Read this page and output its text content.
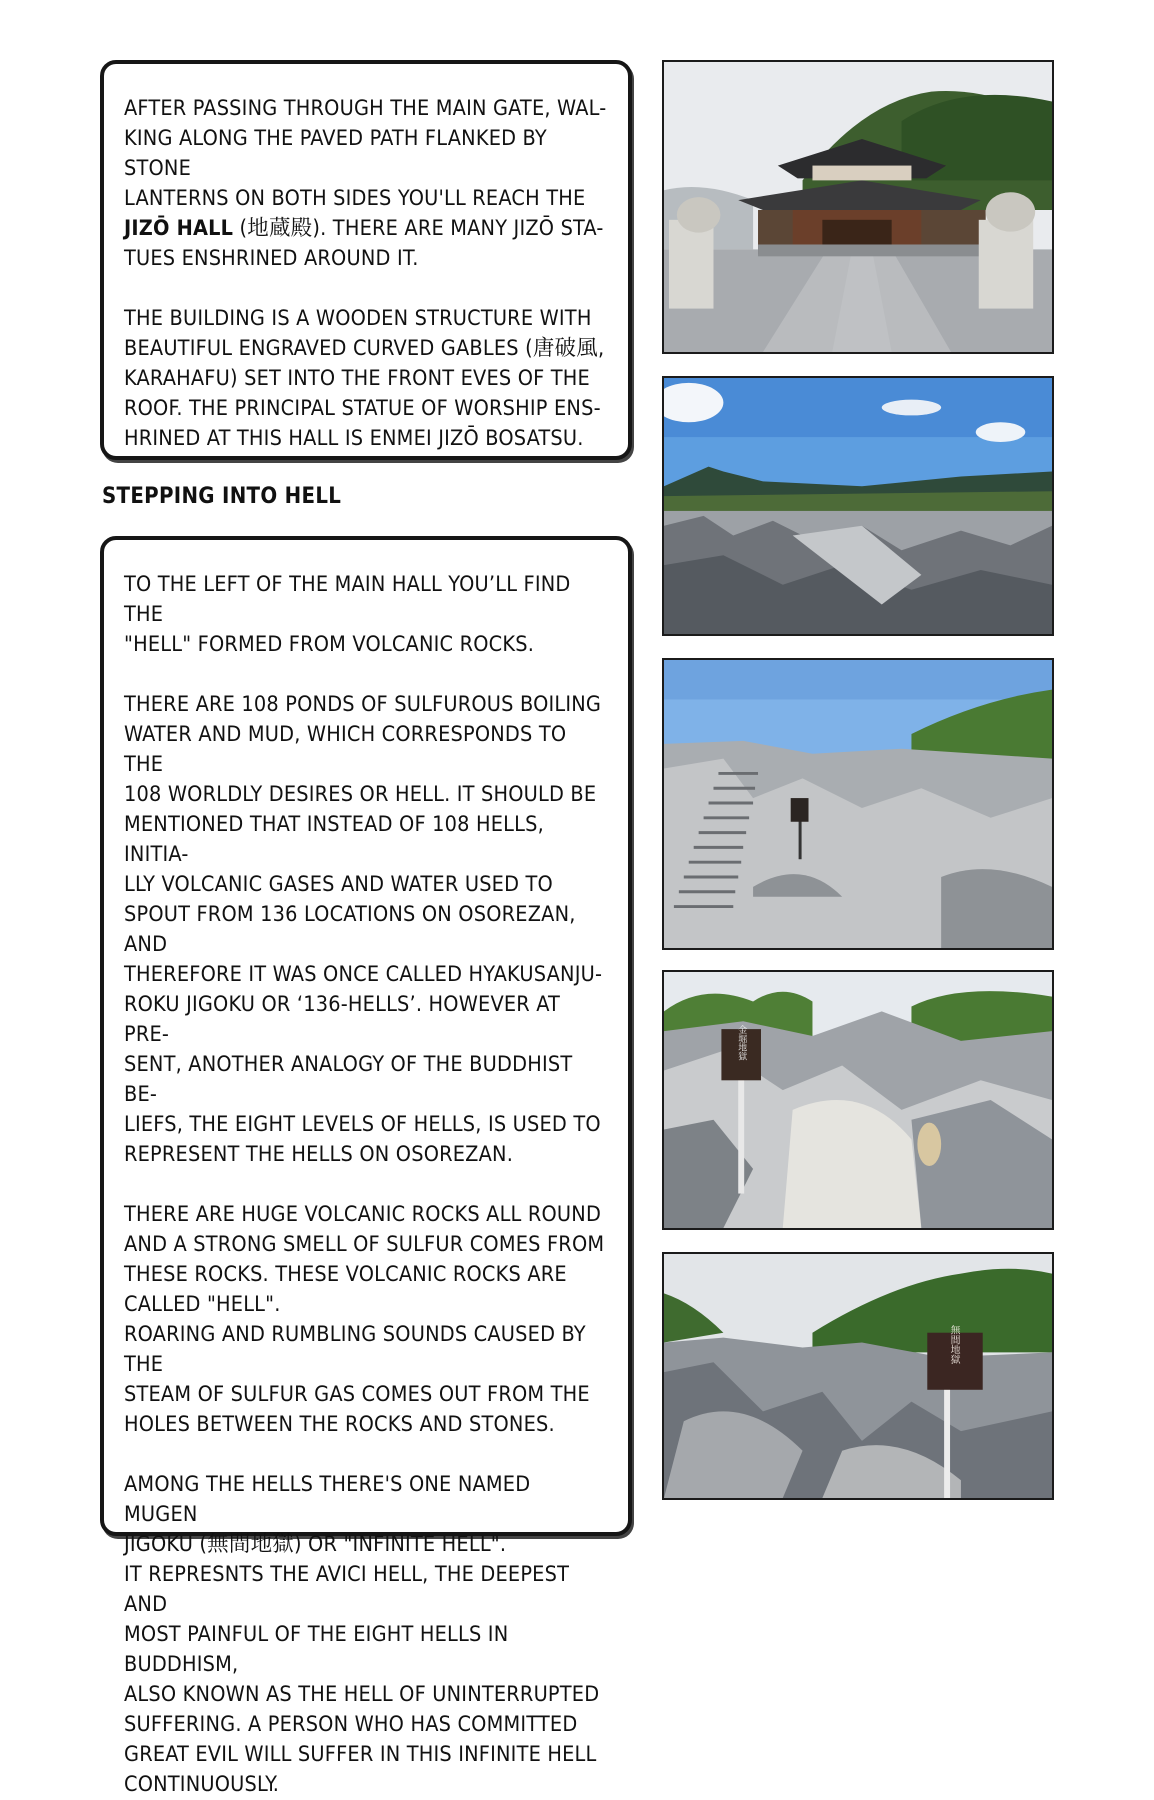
AFTER PASSING THROUGH THE MAIN GATE, WAL-
KING ALONG THE PAVED PATH FLANKED BY STONE
LANTERNS ON BOTH SIDES YOU'LL REACH THE
JIZŌ HALL (地蔵殿). THERE ARE MANY JIZŌ STA-
TUES ENSHRINED AROUND IT.

THE BUILDING IS A WOODEN STRUCTURE WITH
BEAUTIFUL ENGRAVED CURVED GABLES (唐破風,
KARAHAFU) SET INTO THE FRONT EVES OF THE
ROOF. THE PRINCIPAL STATUE OF WORSHIP ENS-
HRINED AT THIS HALL IS ENMEI JIZŌ BOSATSU.

STEPPING INTO HELL

TO THE LEFT OF THE MAIN HALL YOU’LL FIND THE
"HELL" FORMED FROM VOLCANIC ROCKS.

THERE ARE 108 PONDS OF SULFUROUS BOILING
WATER AND MUD, WHICH CORRESPONDS TO THE
108 WORLDLY DESIRES OR HELL. IT SHOULD BE
MENTIONED THAT INSTEAD OF 108 HELLS, INITIA-
LLY VOLCANIC GASES AND WATER USED TO
SPOUT FROM 136 LOCATIONS ON OSOREZAN, AND
THEREFORE IT WAS ONCE CALLED HYAKUSANJU-
ROKU JIGOKU OR ‘136-HELLS’. HOWEVER AT PRE-
SENT, ANOTHER ANALOGY OF THE BUDDHIST BE-
LIEFS, THE EIGHT LEVELS OF HELLS, IS USED TO
REPRESENT THE HELLS ON OSOREZAN.

THERE ARE HUGE VOLCANIC ROCKS ALL ROUND
AND A STRONG SMELL OF SULFUR COMES FROM
THESE ROCKS. THESE VOLCANIC ROCKS ARE
CALLED "HELL".
ROARING AND RUMBLING SOUNDS CAUSED BY THE
STEAM OF SULFUR GAS COMES OUT FROM THE
HOLES BETWEEN THE ROCKS AND STONES.

AMONG THE HELLS THERE'S ONE NAMED MUGEN
JIGOKU (無間地獄) OR "INFINITE HELL".
IT REPRESNTS THE AVICI HELL, THE DEEPEST AND
MOST PAINFUL OF THE EIGHT HELLS IN BUDDHISM,
ALSO KNOWN AS THE HELL OF UNINTERRUPTED
SUFFERING. A PERSON WHO HAS COMMITTED
GREAT EVIL WILL SUFFER IN THIS INFINITE HELL
CONTINUOUSLY.

金堀地獄
無間地獄
